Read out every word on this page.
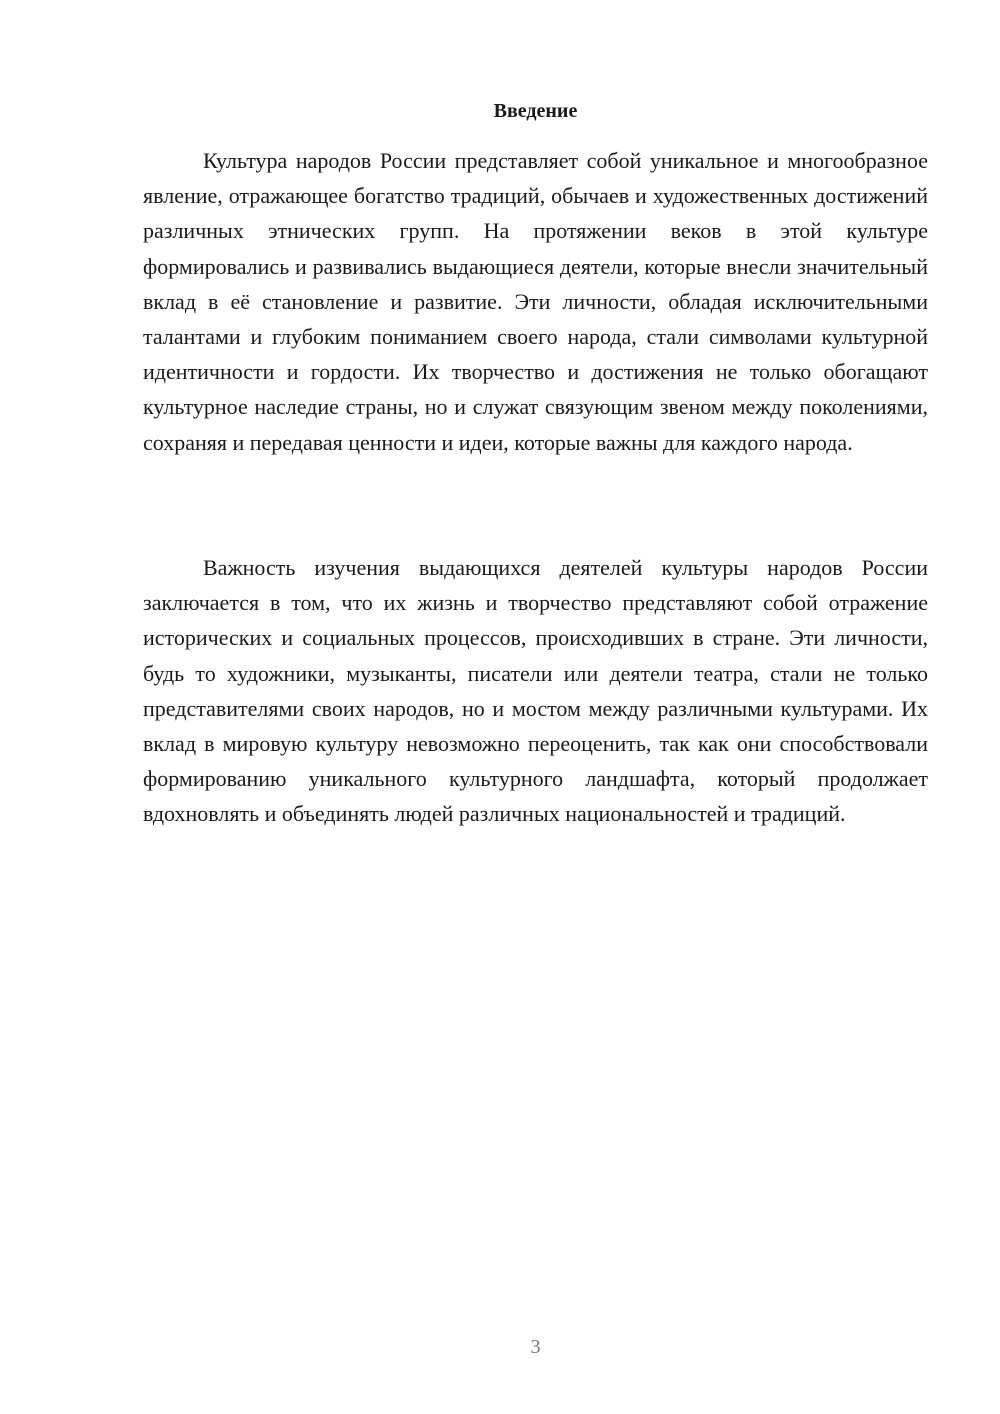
Введение

Культура народов России представляет собой уникальное и многообразное явление, отражающее богатство традиций, обычаев и художественных достижений различных этнических групп. На протяжении веков в этой культуре формировались и развивались выдающиеся деятели, которые внесли значительный вклад в её становление и развитие. Эти личности, обладая исключительными талантами и глубоким пониманием своего народа, стали символами культурной идентичности и гордости. Их творчество и достижения не только обогащают культурное наследие страны, но и служат связующим звеном между поколениями, сохраняя и передавая ценности и идеи, которые важны для каждого народа.

Важность изучения выдающихся деятелей культуры народов России заключается в том, что их жизнь и творчество представляют собой отражение исторических и социальных процессов, происходивших в стране. Эти личности, будь то художники, музыканты, писатели или деятели театра, стали не только представителями своих народов, но и мостом между различными культурами. Их вклад в мировую культуру невозможно переоценить, так как они способствовали формированию уникального культурного ландшафта, который продолжает вдохновлять и объединять людей различных национальностей и традиций.

3
